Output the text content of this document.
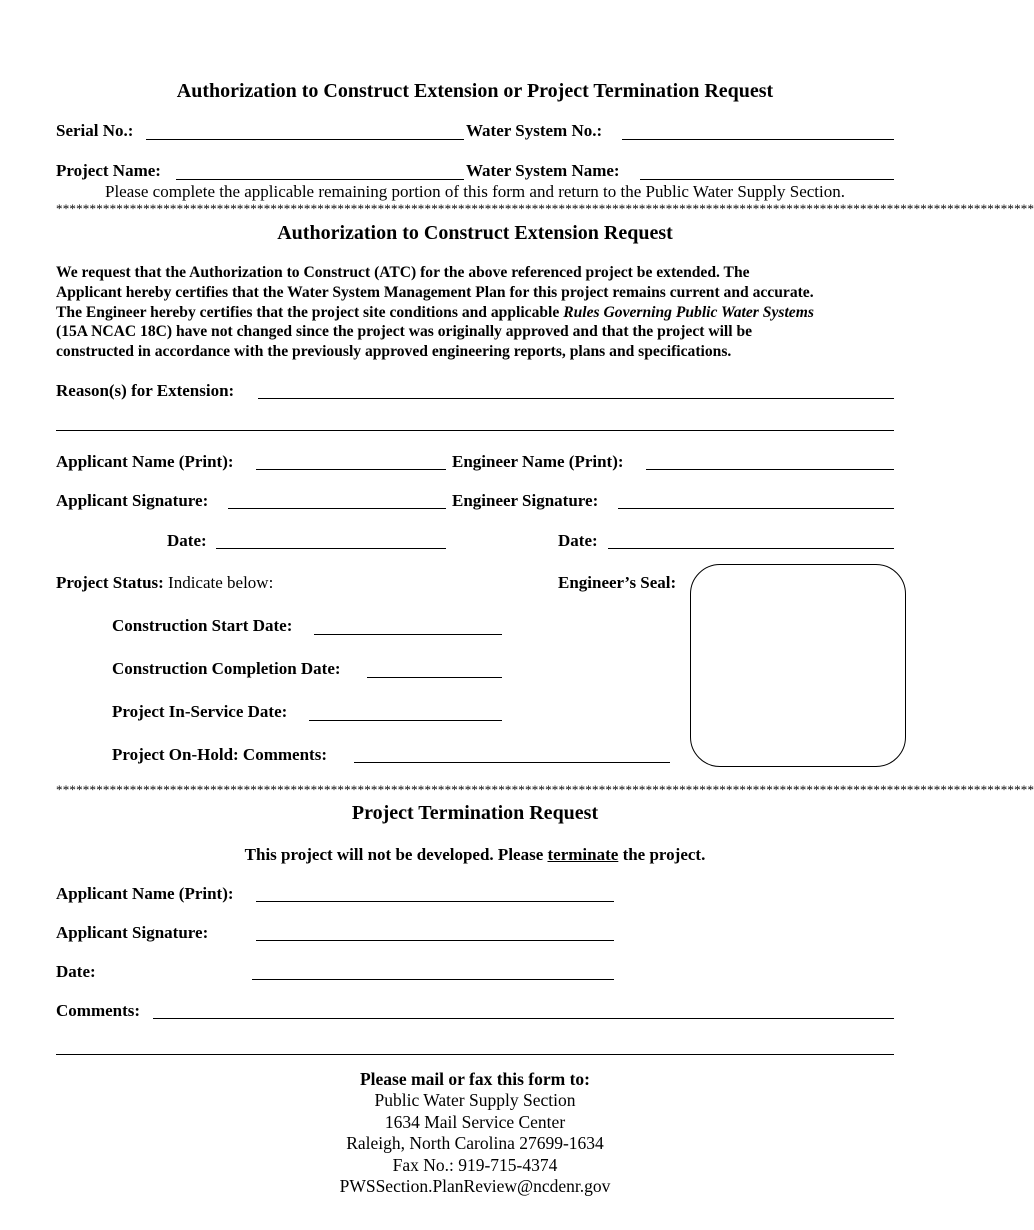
Authorization to Construct Extension or Project Termination Request
Serial No.:	Water System No.:
Project Name:	Water System Name:
Please complete the applicable remaining portion of this form and return to the Public Water Supply Section.
**************************************************************************************************************************************************
Authorization to Construct Extension Request
We request that the Authorization to Construct (ATC) for the above referenced project be extended. The
Applicant hereby certifies that the Water System Management Plan for this project remains current and accurate.
The Engineer hereby certifies that the project site conditions and applicable Rules Governing Public Water Systems
(15A NCAC 18C) have not changed since the project was originally approved and that the project will be
constructed in accordance with the previously approved engineering reports, plans and specifications.
Reason(s) for Extension:
Applicant Name (Print):	Engineer Name (Print):
Applicant Signature:	Engineer Signature:
Date:	Date:
Project Status: Indicate below:	Engineer’s Seal:
Construction Start Date:
Construction Completion Date:
Project In-Service Date:
Project On-Hold: Comments:
**************************************************************************************************************************************************
Project Termination Request
This project will not be developed. Please terminate the project.
Applicant Name (Print):
Applicant Signature:
Date:
Comments:
Please mail or fax this form to:
Public Water Supply Section
1634 Mail Service Center
Raleigh, North Carolina 27699-1634
Fax No.: 919-715-4374
PWSSection.PlanReview@ncdenr.gov
